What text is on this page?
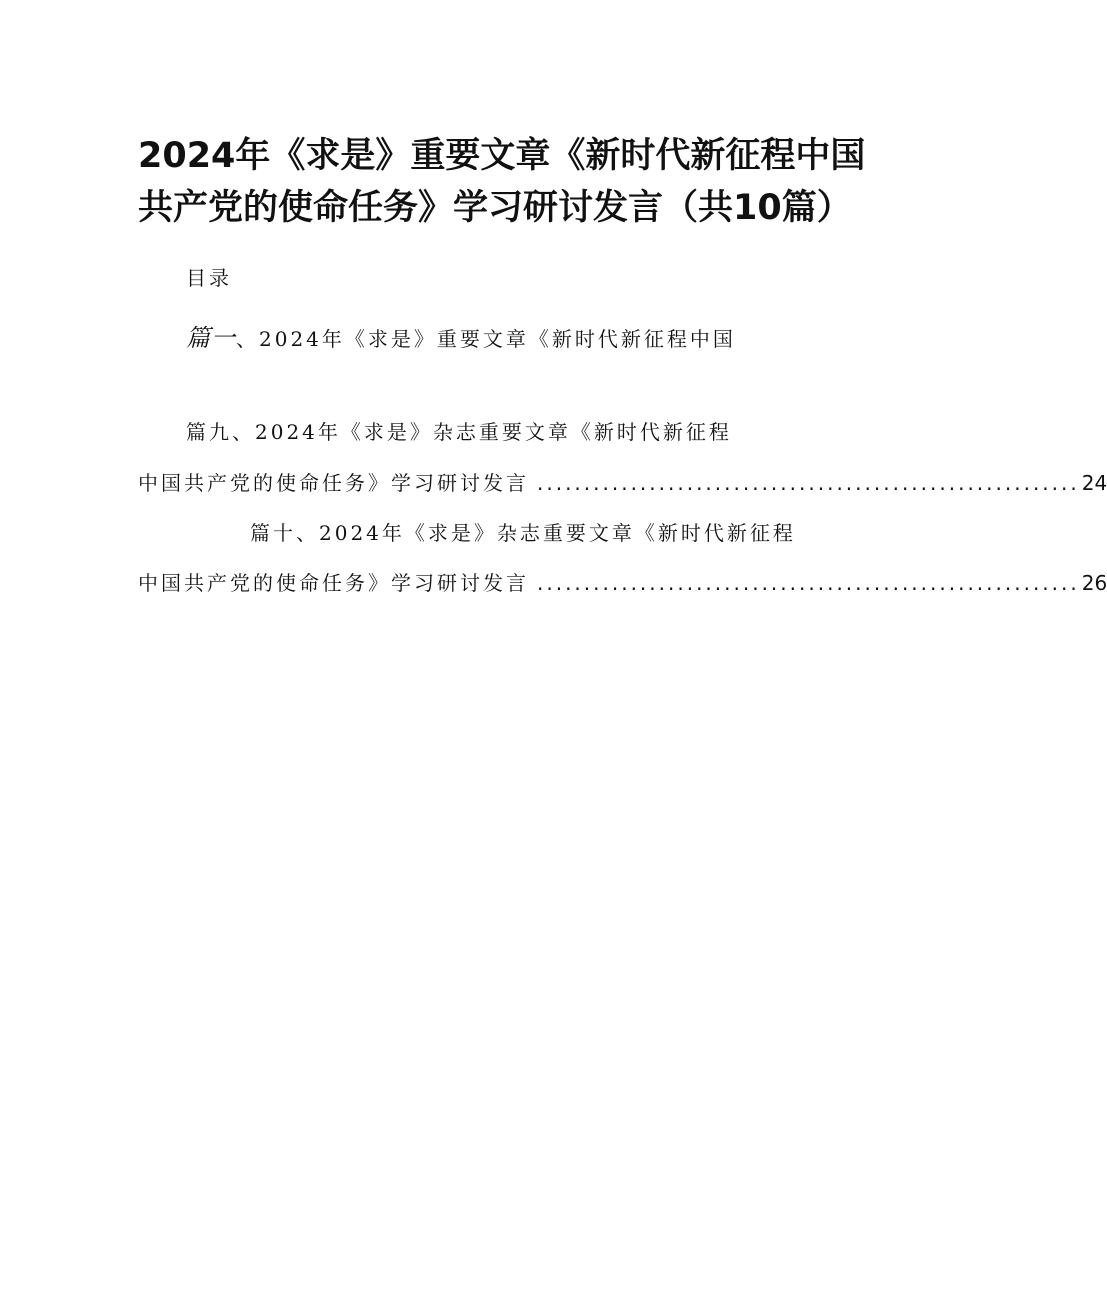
2024年《求是》重要文章《新时代新征程中国
共产党的使命任务》学习研讨发言（共10篇）

目录

篇一、2024年《求是》重要文章《新时代新征程中国
篇九、2024年《求是》杂志重要文章《新时代新征程
中国共产党的使命任务》学习研讨发言 .......................................................... 24
篇十、2024年《求是》杂志重要文章《新时代新征程
中国共产党的使命任务》学习研讨发言 .......................................................... 26
